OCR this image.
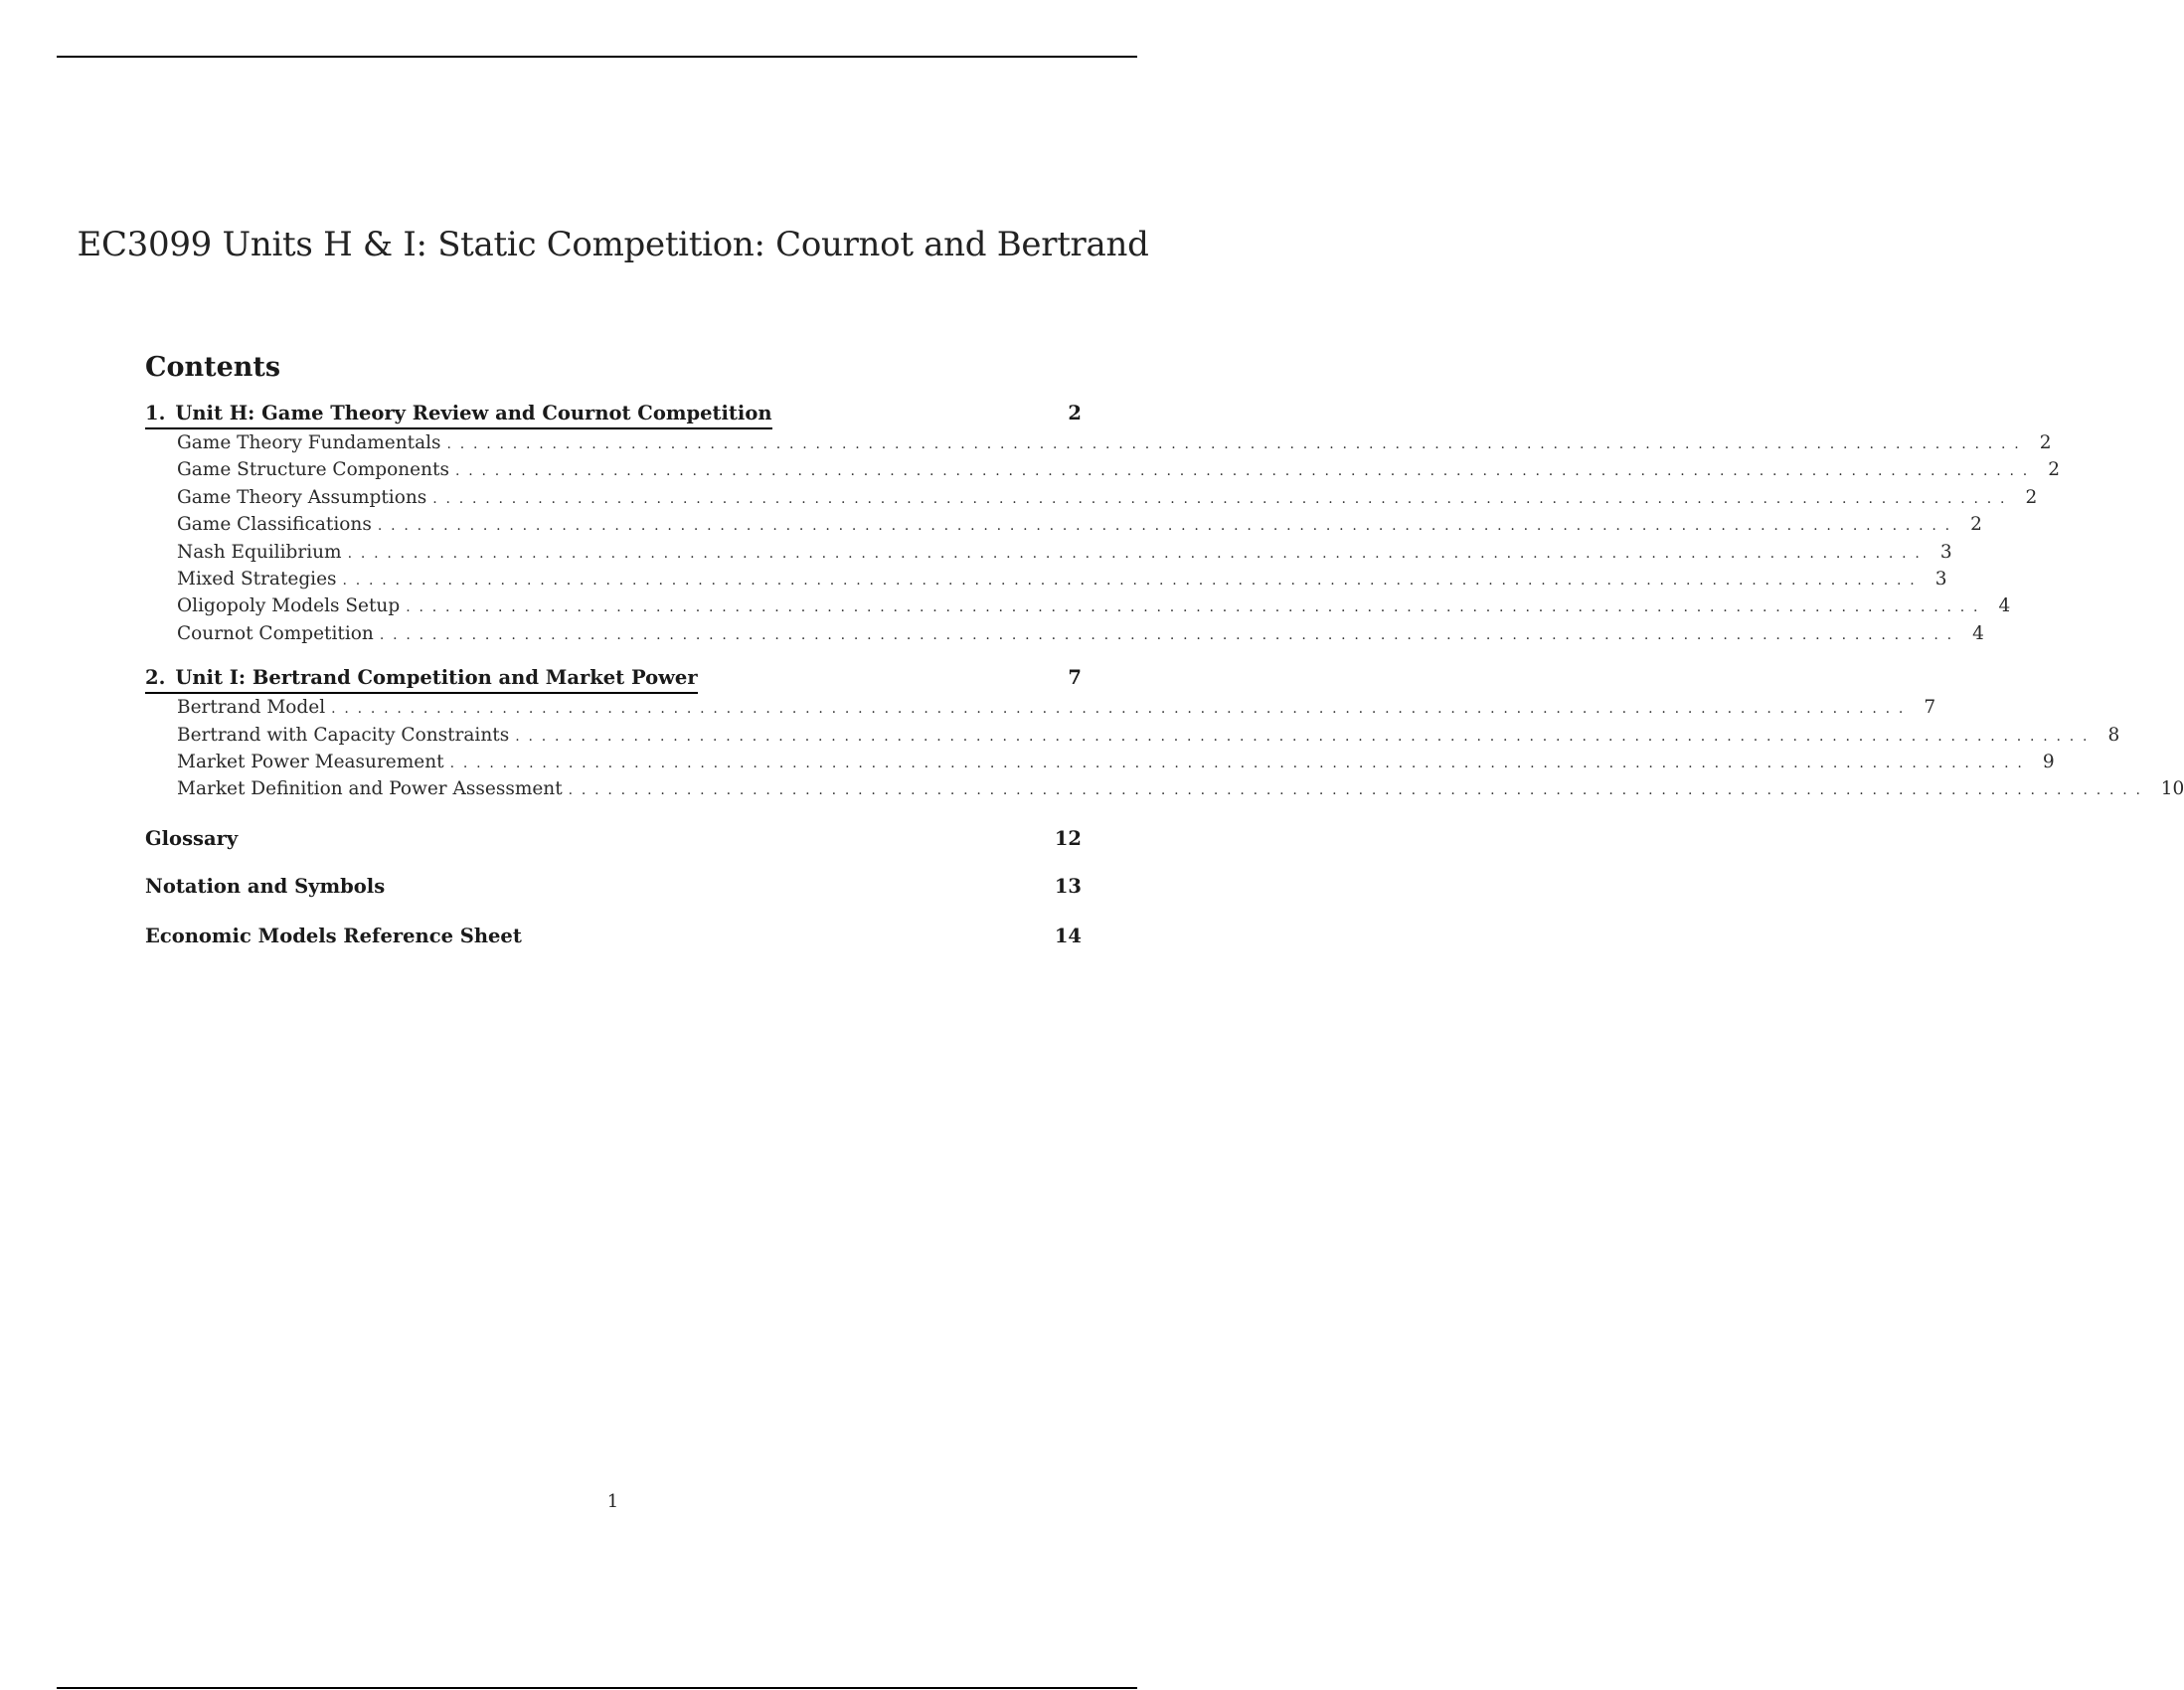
EC3099 Units H & I: Static Competition: Cournot and Bertrand
Contents
1. Unit H: Game Theory Review and Cournot Competition	2
Game Theory Fundamentals ........................................................................................................................ 2
Game Structure Components ........................................................................................................................ 2
Game Theory Assumptions ........................................................................................................................ 2
Game Classifications ........................................................................................................................ 2
Nash Equilibrium ........................................................................................................................ 3
Mixed Strategies ........................................................................................................................ 3
Oligopoly Models Setup ........................................................................................................................ 4
Cournot Competition ........................................................................................................................ 4
2. Unit I: Bertrand Competition and Market Power	7
Bertrand Model ........................................................................................................................ 7
Bertrand with Capacity Constraints ........................................................................................................................ 8
Market Power Measurement ........................................................................................................................ 9
Market Definition and Power Assessment ........................................................................................................................ 10
Glossary	12
Notation and Symbols	13
Economic Models Reference Sheet	14
1
